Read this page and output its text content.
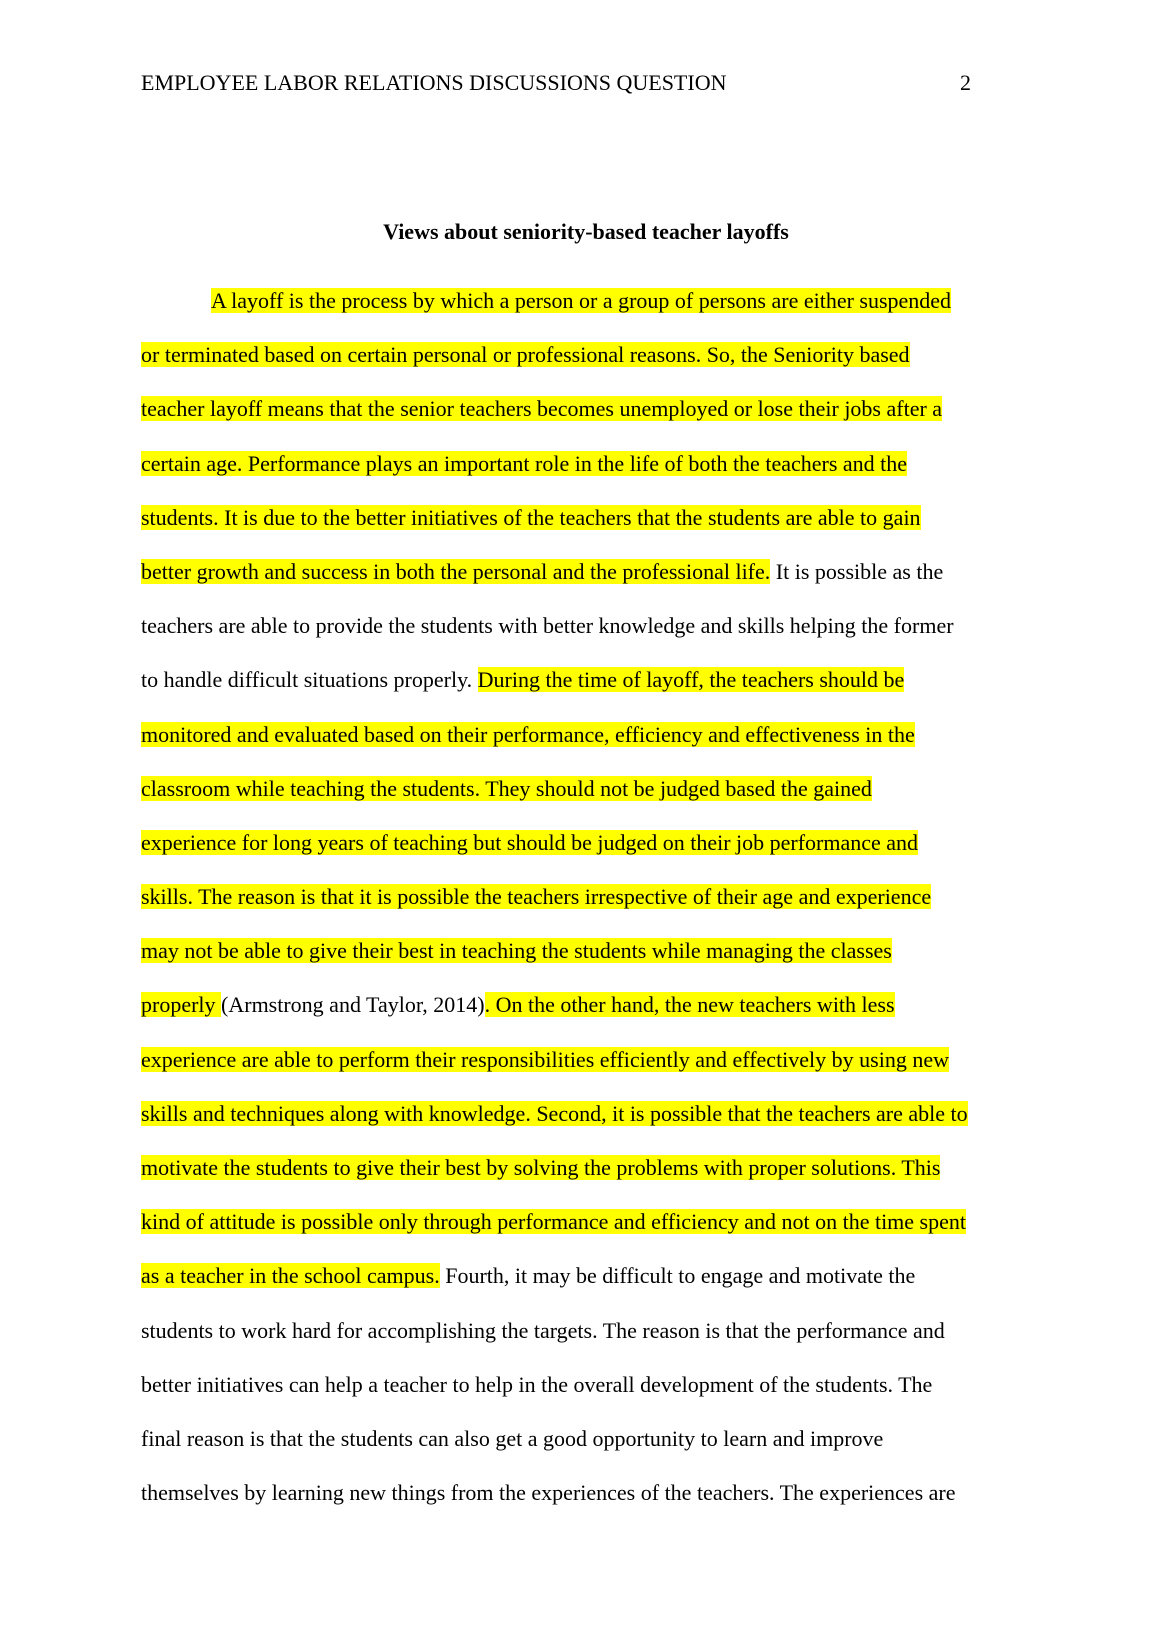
EMPLOYEE LABOR RELATIONS DISCUSSIONS QUESTION	2
Views about seniority-based teacher layoffs
A layoff is the process by which a person or a group of persons are either suspended
or terminated based on certain personal or professional reasons. So, the Seniority based
teacher layoff means that the senior teachers becomes unemployed or lose their jobs after a
certain age. Performance plays an important role in the life of both the teachers and the
students. It is due to the better initiatives of the teachers that the students are able to gain
better growth and success in both the personal and the professional life. It is possible as the
teachers are able to provide the students with better knowledge and skills helping the former
to handle difficult situations properly. During the time of layoff, the teachers should be
monitored and evaluated based on their performance, efficiency and effectiveness in the
classroom while teaching the students. They should not be judged based the gained
experience for long years of teaching but should be judged on their job performance and
skills. The reason is that it is possible the teachers irrespective of their age and experience
may not be able to give their best in teaching the students while managing the classes
properly (Armstrong and Taylor, 2014). On the other hand, the new teachers with less
experience are able to perform their responsibilities efficiently and effectively by using new
skills and techniques along with knowledge. Second, it is possible that the teachers are able to
motivate the students to give their best by solving the problems with proper solutions. This
kind of attitude is possible only through performance and efficiency and not on the time spent
as a teacher in the school campus. Fourth, it may be difficult to engage and motivate the
students to work hard for accomplishing the targets. The reason is that the performance and
better initiatives can help a teacher to help in the overall development of the students. The
final reason is that the students can also get a good opportunity to learn and improve
themselves by learning new things from the experiences of the teachers. The experiences are
